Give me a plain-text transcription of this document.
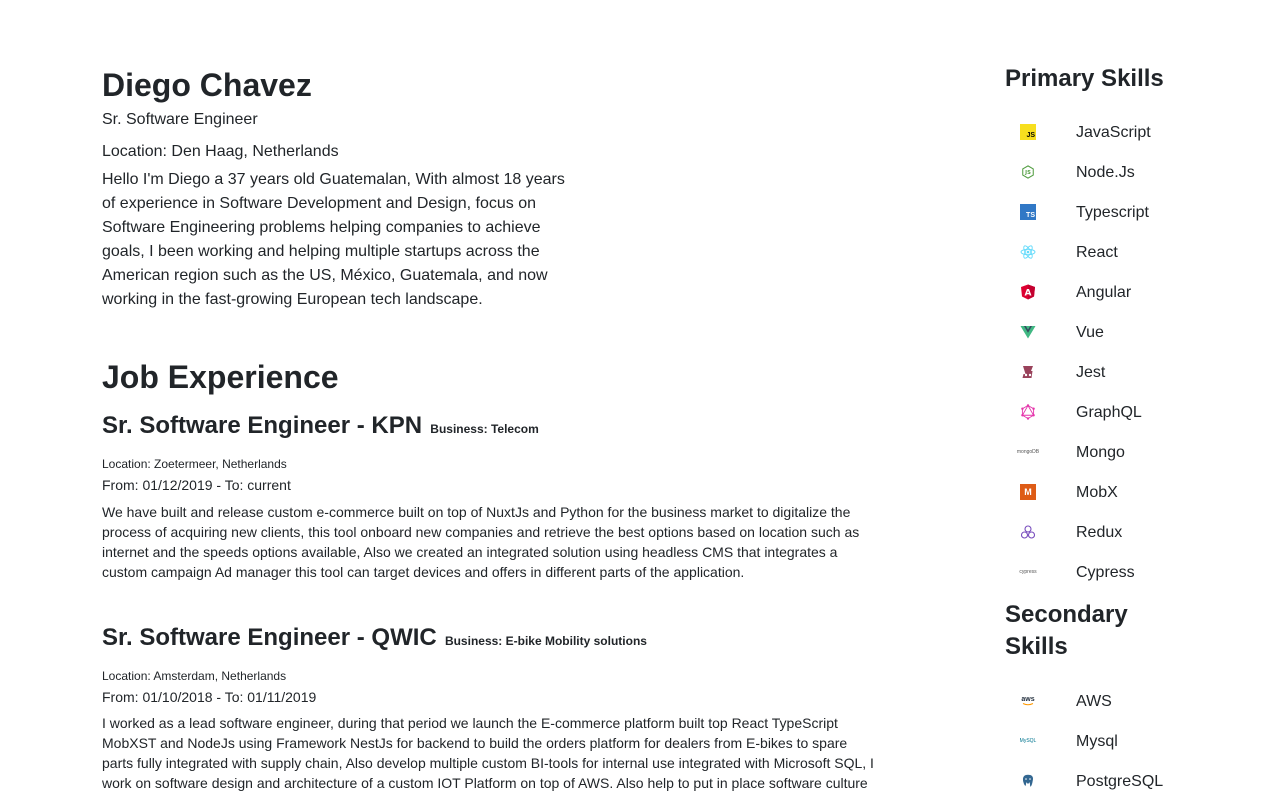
Diego Chavez

Sr. Software Engineer

Location: Den Haag, Netherlands

Hello I'm Diego a 37 years old Guatemalan, With almost 18 years of experience in Software Development and Design, focus on Software Engineering problems helping companies to achieve goals, I been working and helping multiple startups across the American region such as the US, México, Guatemala, and now working in the fast-growing European tech landscape.

Job Experience
Sr. Software Engineer - KPN Business: Telecom

Location: Zoetermeer, Netherlands

From: 01/12/2019 - To: current

We have built and release custom e-commerce built on top of NuxtJs and Python for the business market to digitalize the process of acquiring new clients, this tool onboard new companies and retrieve the best options based on location such as internet and the speeds options available, Also we created an integrated solution using headless CMS that integrates a custom campaign Ad manager this tool can target devices and offers in different parts of the application.

Sr. Software Engineer - QWIC Business: E-bike Mobility solutions

Location: Amsterdam, Netherlands

From: 01/10/2018 - To: 01/11/2019

I worked as a lead software engineer, during that period we launch the E-commerce platform built top React TypeScript MobXST and NodeJs using Framework NestJs for backend to build the orders platform for dealers from E-bikes to spare parts fully integrated with supply chain, Also develop multiple custom BI-tools for internal use integrated with Microsoft SQL, I work on software design and architecture of a custom IOT Platform on top of AWS. Also help to put in place software culture

Primary Skills
JS	JavaScript
JS	Node.Js
TS	Typescript
React
A	Angular
Vue
Jest
GraphQL
mongoDB Mongo
M	MobX
Redux
cypress Cypress
Secondary Skills
aws	AWS
MySQL Mysql
PostgreSQL
